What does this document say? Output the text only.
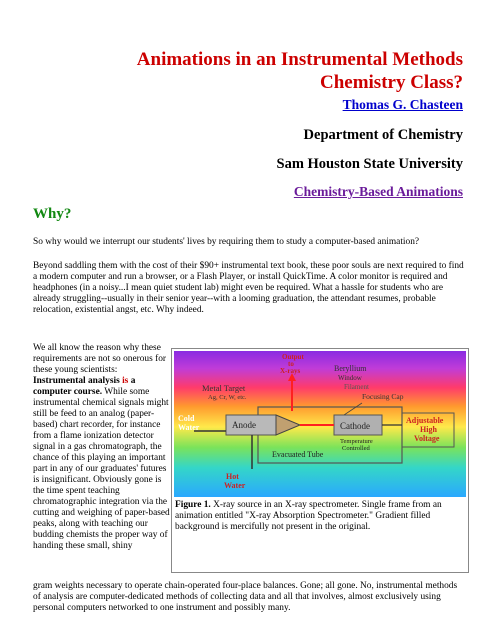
Animations in an Instrumental Methods
Chemistry Class?
Thomas G. Chasteen
Department of Chemistry
Sam Houston State University
Chemistry-Based Animations
Why?

So why would we interrupt our students' lives by requiring them to study a computer-based animation?

Beyond saddling them with the cost of their $90+ instrumental text book, these poor souls are next required to find a modern computer and run a browser, or a Flash Player, or install QuickTime. A color monitor is required and headphones (in a noisy...I mean quiet student lab) might even be required. What a hassle for students who are already struggling--usually in their senior year--with a looming graduation, the attendant resumes, probable relocation, existential angst, etc. Why indeed.

We all know the reason why these requirements are not so onerous for these young scientists: Instrumental analysis is a computer course. While some instrumental chemical signals might still be feed to an analog (paper-based) chart recorder, for instance from a flame ionization detector signal in a gas chromatograph, the chance of this playing an important part in any of our graduates' futures is insignificant. Obviously gone is the time spent teaching chromatographic integration via the cutting and weighing of paper-based peaks, along with teaching our budding chemists the proper way of handing these small, shiny

Metal Target
Ag, Cr, W, etc.
Cold
Water	Anode
Hot
Water
Evacuated Tube
Output
to
X-rays	Beryllium
Window
Filament
Focusing Cap
Cathode
Temperature
Controlled
Adjustable
High
Voltage
Figure 1. X-ray source in an X-ray spectrometer. Single frame from an animation entitled "X-ray Absorption Spectrometer." Gradient filled background is mercifully not present in the original.

gram weights necessary to operate chain-operated four-place balances. Gone; all gone. No, instrumental methods of analysis are computer-dedicated methods of collecting data and all that involves, almost exclusively using personal computers networked to one instrument and possibly many.
